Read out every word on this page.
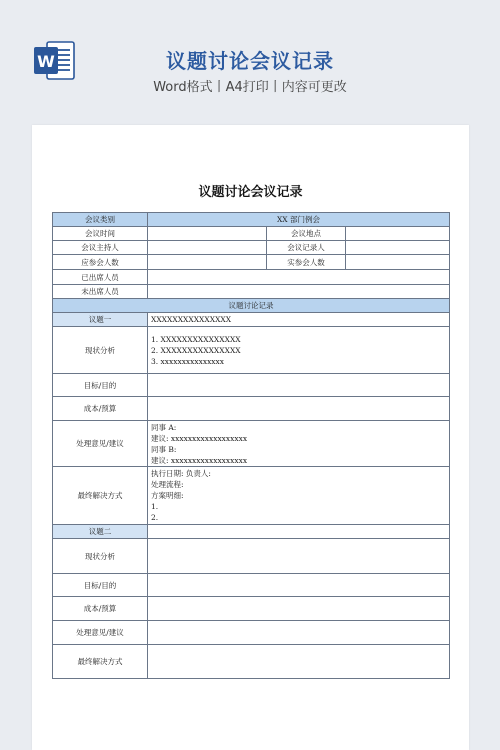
W	议题讨论会议记录
Word格式丨A4打印丨内容可更改
议题讨论会议记录
会议类别	XX 部门例会		
会议时间		会议地点	
会议主持人		会议记录人	
应参会人数		实参会人数	
已出席人员			
未出席人员			
议题讨论记录			
议题一	XXXXXXXXXXXXXXX		
现状分析	1. XXXXXXXXXXXXXXX
2. XXXXXXXXXXXXXXX
3. xxxxxxxxxxxxxxx		

目标/目的			
成本/预算			
处理意见/建议	同事 A:
建议: xxxxxxxxxxxxxxxxxx
同事 B:
建议: xxxxxxxxxxxxxxxxxx		

最终解决方式	执行日期: 负责人:
处理流程:
方案明细:
1.
2.		

议题二			
现状分析			
目标/目的			
成本/预算			
处理意见/建议			
最终解决方式			
